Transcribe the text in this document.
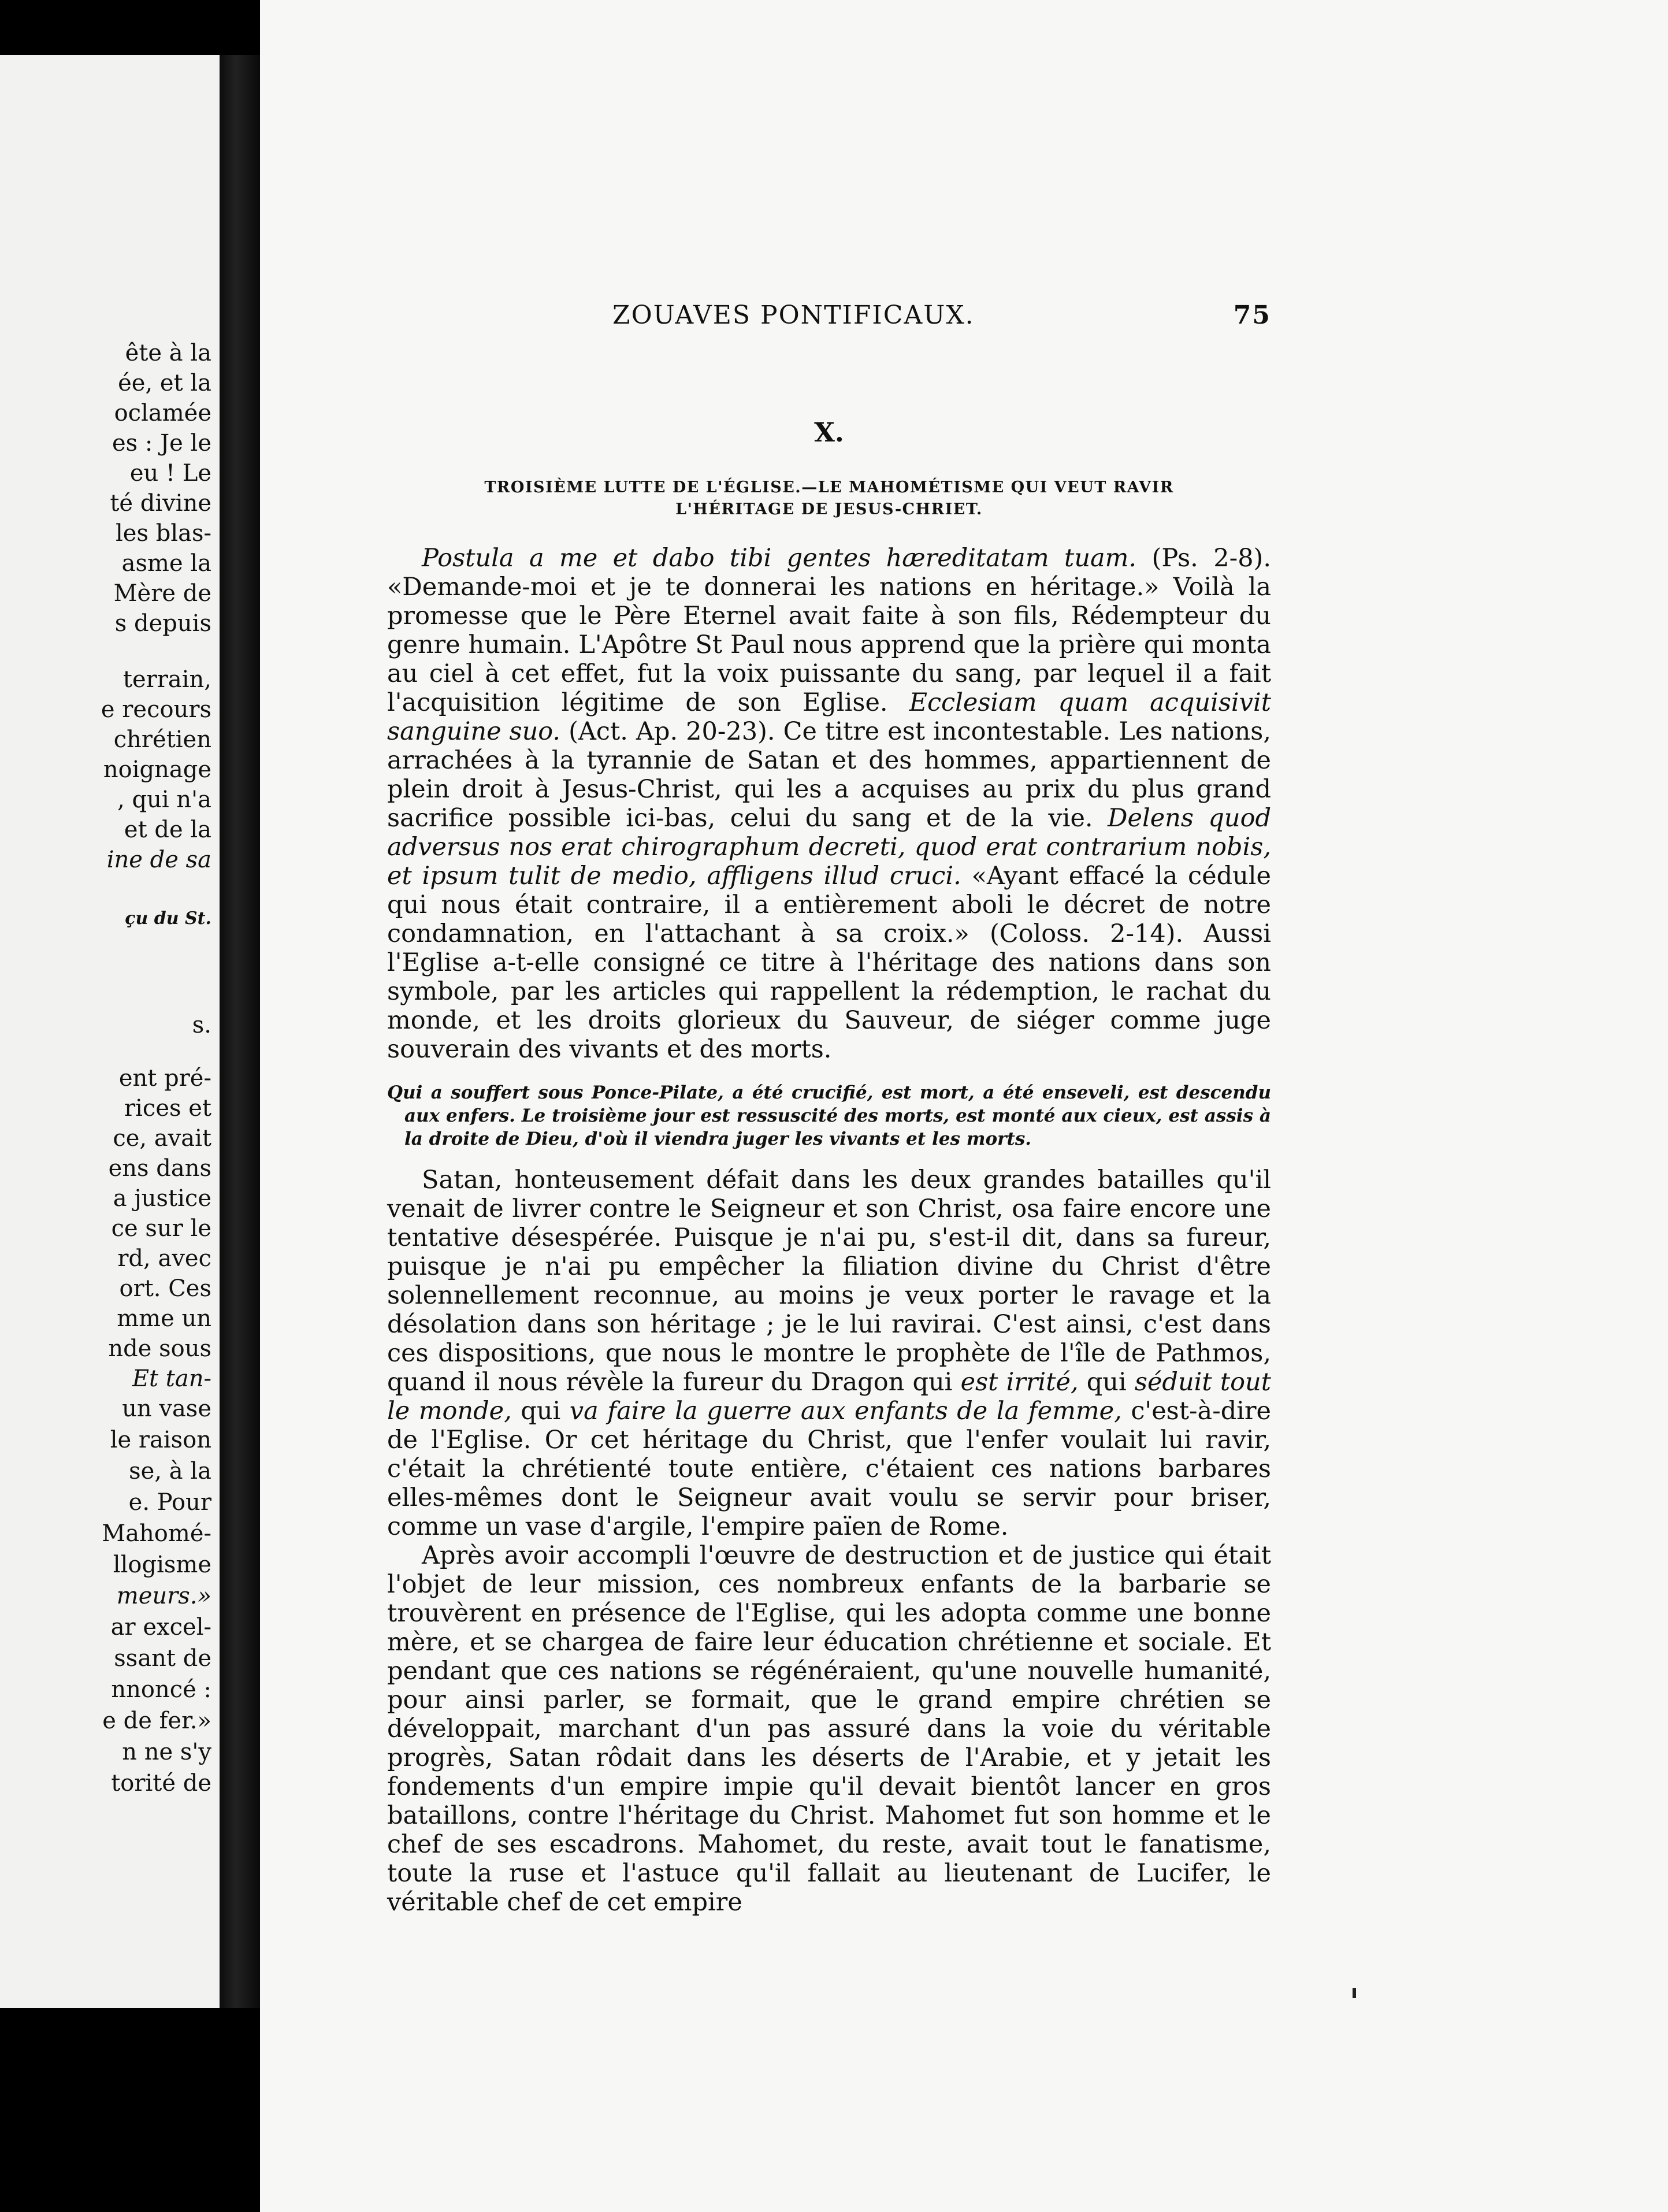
ête à la
ée, et la
oclamée
es : Je le
eu ! Le
té divine
les blas-
asme la
Mère de
s depuis
terrain,
e recours
chrétien
noignage
, qui n'a
et de la
ine de sa
çu du St.
s.
ent pré-
rices et
ce, avait
ens dans
a justice
ce sur le
rd, avec
ort. Ces
mme un
nde sous
Et tan-
un vase
le raison
se, à la
e. Pour
Mahomé-
llogisme
meurs.»
ar excel-
ssant de
nnoncé :
e de fer.»
n ne s'y
torité de
ZOUAVES PONTIFICAUX.	75
X.
TROISIÈME LUTTE DE L'ÉGLISE.—LE MAHOMÉTISME QUI VEUT RAVIR
L'HÉRITAGE DE JESUS-CHRIET.

Postula a me et dabo tibi gentes hæreditatam tuam. (Ps. 2-8). «Demande-moi et je te donnerai les nations en héritage.» Voilà la promesse que le Père Eternel avait faite à son fils, Rédempteur du genre humain. L'Apôtre St Paul nous apprend que la prière qui monta au ciel à cet effet, fut la voix puissante du sang, par lequel il a fait l'acquisition légitime de son Eglise. Ecclesiam quam acquisivit sanguine suo. (Act. Ap. 20-23). Ce titre est incontestable. Les nations, arrachées à la tyrannie de Satan et des hommes, appartiennent de plein droit à Jesus-Christ, qui les a acquises au prix du plus grand sacrifice possible ici-bas, celui du sang et de la vie. Delens quod adversus nos erat chirographum decreti, quod erat contrarium nobis, et ipsum tulit de medio, affligens illud cruci. «Ayant effacé la cédule qui nous était contraire, il a entièrement aboli le décret de notre condamnation, en l'attachant à sa croix.» (Coloss. 2-14). Aussi l'Eglise a-t-elle consigné ce titre à l'héritage des nations dans son symbole, par les articles qui rappellent la rédemption, le rachat du monde, et les droits glorieux du Sauveur, de siéger comme juge souverain des vivants et des morts.

Qui a souffert sous Ponce-Pilate, a été crucifié, est mort, a été enseveli, est descendu aux enfers. Le troisième jour est ressuscité des morts, est monté aux cieux, est assis à la droite de Dieu, d'où il viendra juger les vivants et les morts.

Satan, honteusement défait dans les deux grandes batailles qu'il venait de livrer contre le Seigneur et son Christ, osa faire encore une tentative désespérée. Puisque je n'ai pu, s'est-il dit, dans sa fureur, puisque je n'ai pu empêcher la filiation divine du Christ d'être solennellement reconnue, au moins je veux porter le ravage et la désolation dans son héritage ; je le lui ravirai. C'est ainsi, c'est dans ces dispositions, que nous le montre le prophète de l'île de Pathmos, quand il nous révèle la fureur du Dragon qui est irrité, qui séduit tout le monde, qui va faire la guerre aux enfants de la femme, c'est-à-dire de l'Eglise. Or cet héritage du Christ, que l'enfer voulait lui ravir, c'était la chrétienté toute entière, c'étaient ces nations barbares elles-mêmes dont le Seigneur avait voulu se servir pour briser, comme un vase d'argile, l'empire païen de Rome.

Après avoir accompli l'œuvre de destruction et de justice qui était l'objet de leur mission, ces nombreux enfants de la barbarie se trouvèrent en présence de l'Eglise, qui les adopta comme une bonne mère, et se chargea de faire leur éducation chrétienne et sociale. Et pendant que ces nations se régénéraient, qu'une nouvelle humanité, pour ainsi parler, se formait, que le grand empire chrétien se développait, marchant d'un pas assuré dans la voie du véritable progrès, Satan rôdait dans les déserts de l'Arabie, et y jetait les fondements d'un empire impie qu'il devait bientôt lancer en gros bataillons, contre l'héritage du Christ. Mahomet fut son homme et le chef de ses escadrons. Mahomet, du reste, avait tout le fanatisme, toute la ruse et l'astuce qu'il fallait au lieutenant de Lucifer, le véritable chef de cet empire
